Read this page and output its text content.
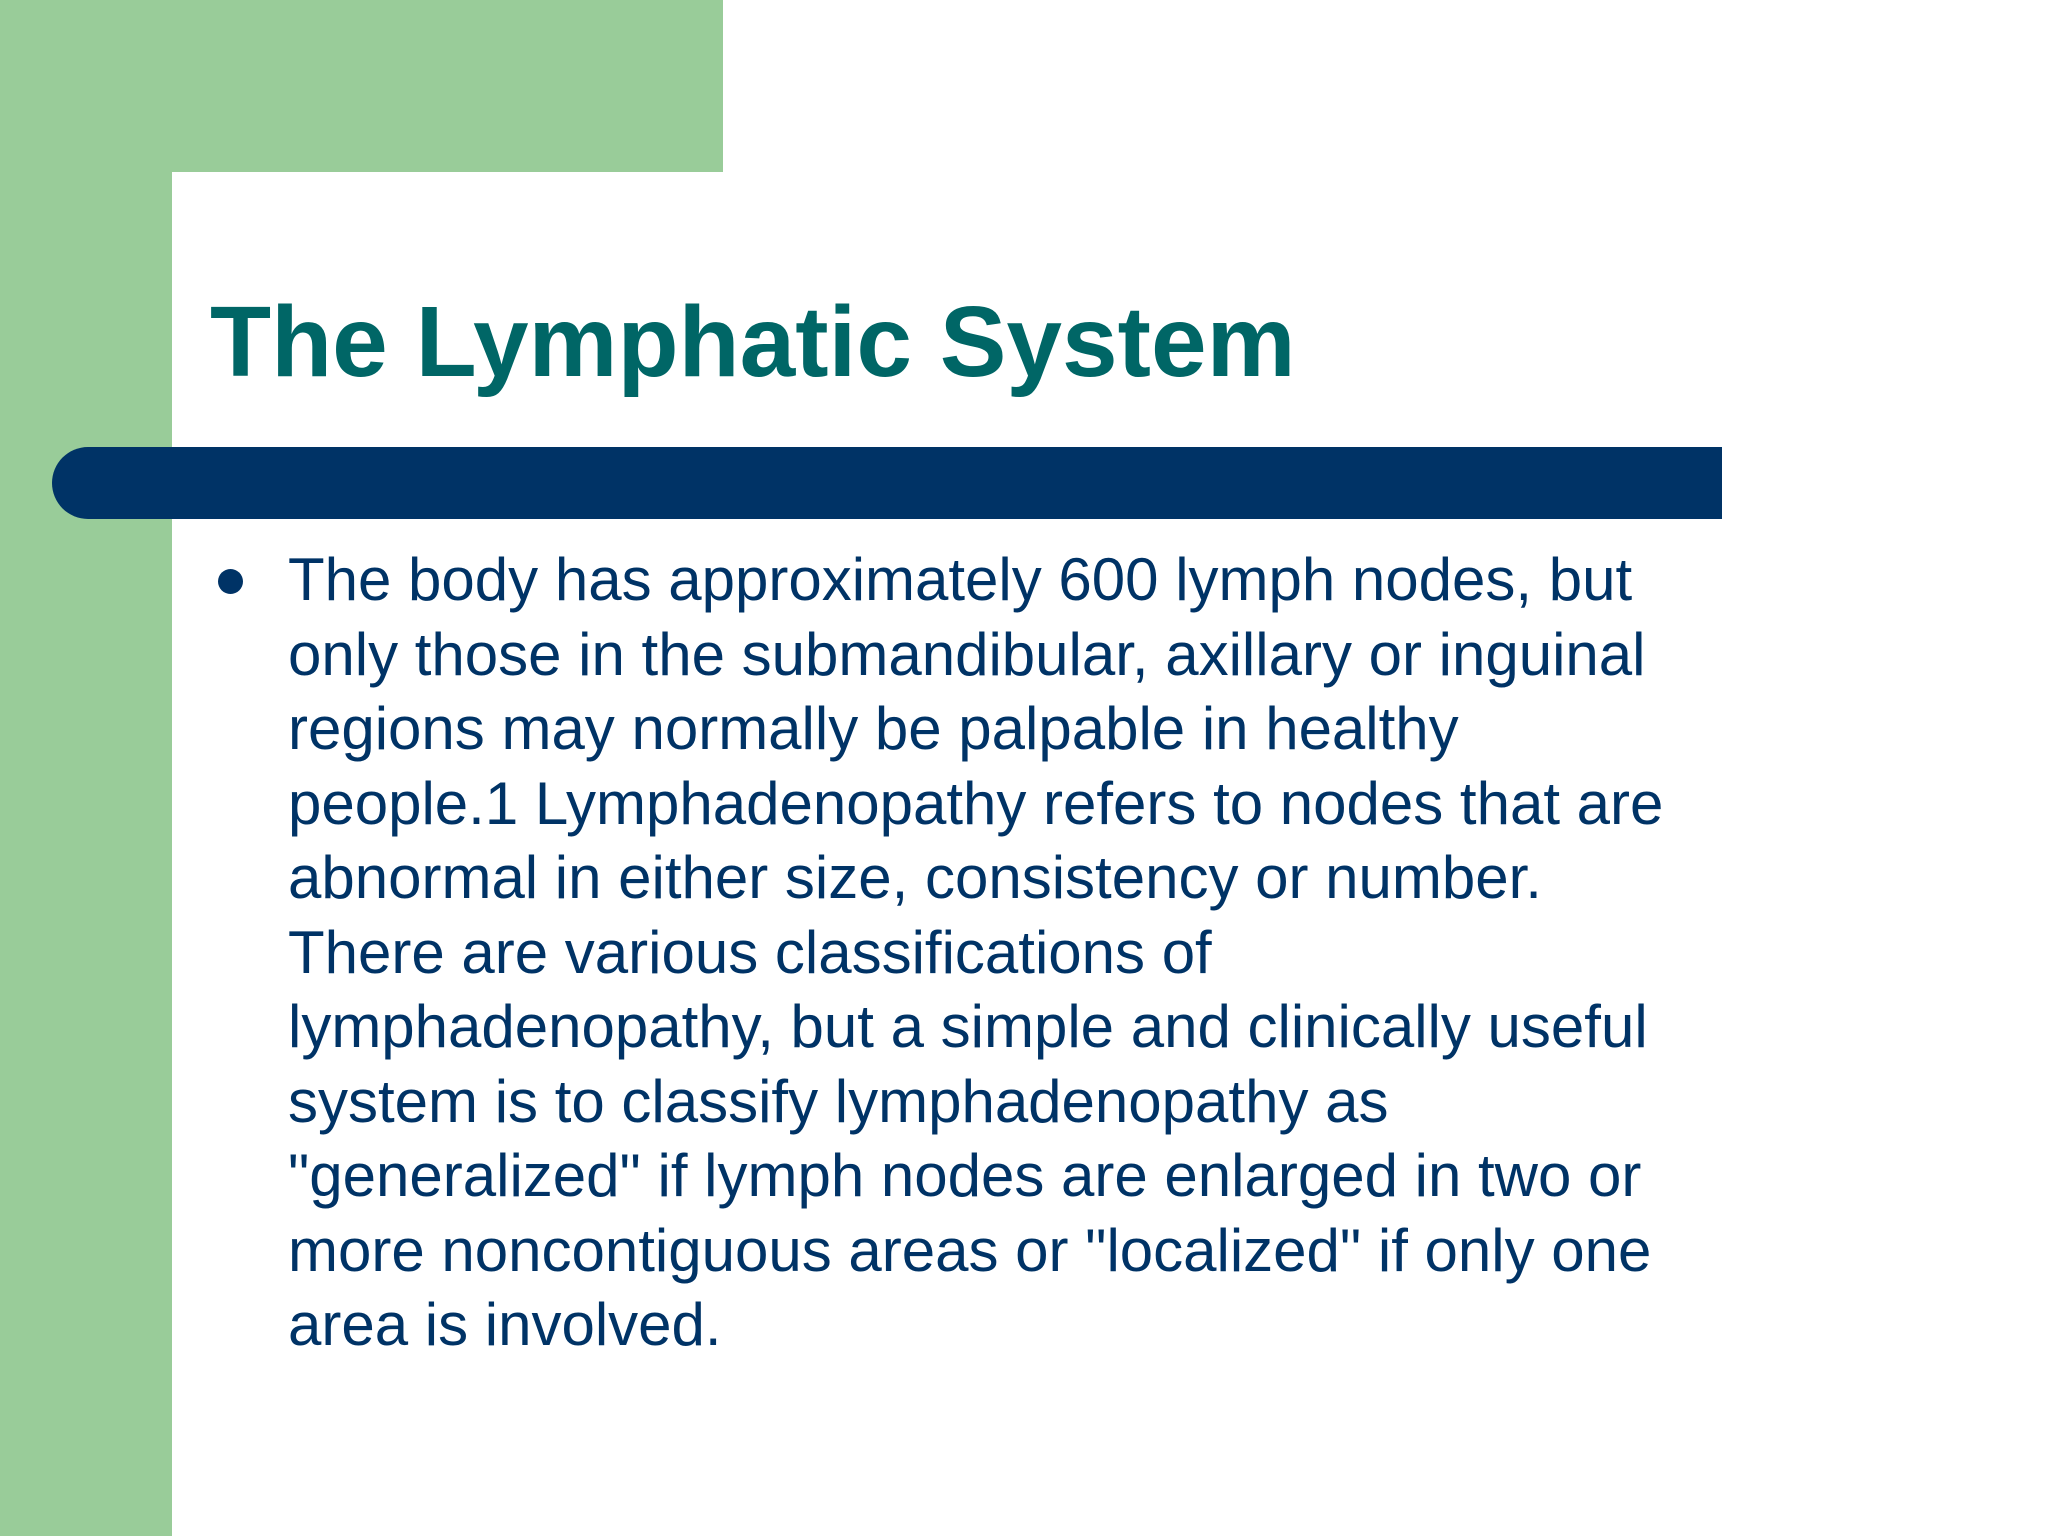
The Lymphatic System

The body has approximately 600 lymph nodes, but
only those in the submandibular, axillary or inguinal
regions may normally be palpable in healthy
people.1 Lymphadenopathy refers to nodes that are
abnormal in either size, consistency or number.
There are various classifications of
lymphadenopathy, but a simple and clinically useful
system is to classify lymphadenopathy as
"generalized" if lymph nodes are enlarged in two or
more noncontiguous areas or "localized" if only one
area is involved.
